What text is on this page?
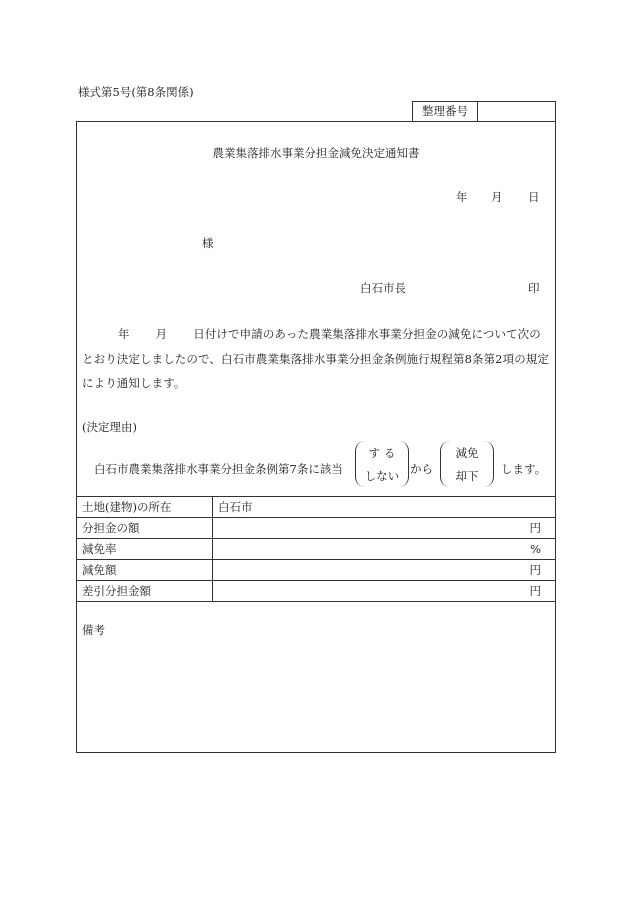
様式第5号(第8条関係)
整理番号
農業集落排水事業分担金減免決定通知書
年 月 日
様
白石市長	印

年 月 日付けで申請のあった農業集落排水事業分担金の減免について次の

とおり決定しましたので、白石市農業集落排水事業分担金条例施行規程第8条第2項の規定

により通知します。

(決定理由)
白石市農業集落排水事業分担金条例第7条に該当
す る
しない から
減免
却下	します。
土地(建物)の所在	白石市
分担金の額	円
減免率	%
減免額	円
差引分担金額	円
備考
